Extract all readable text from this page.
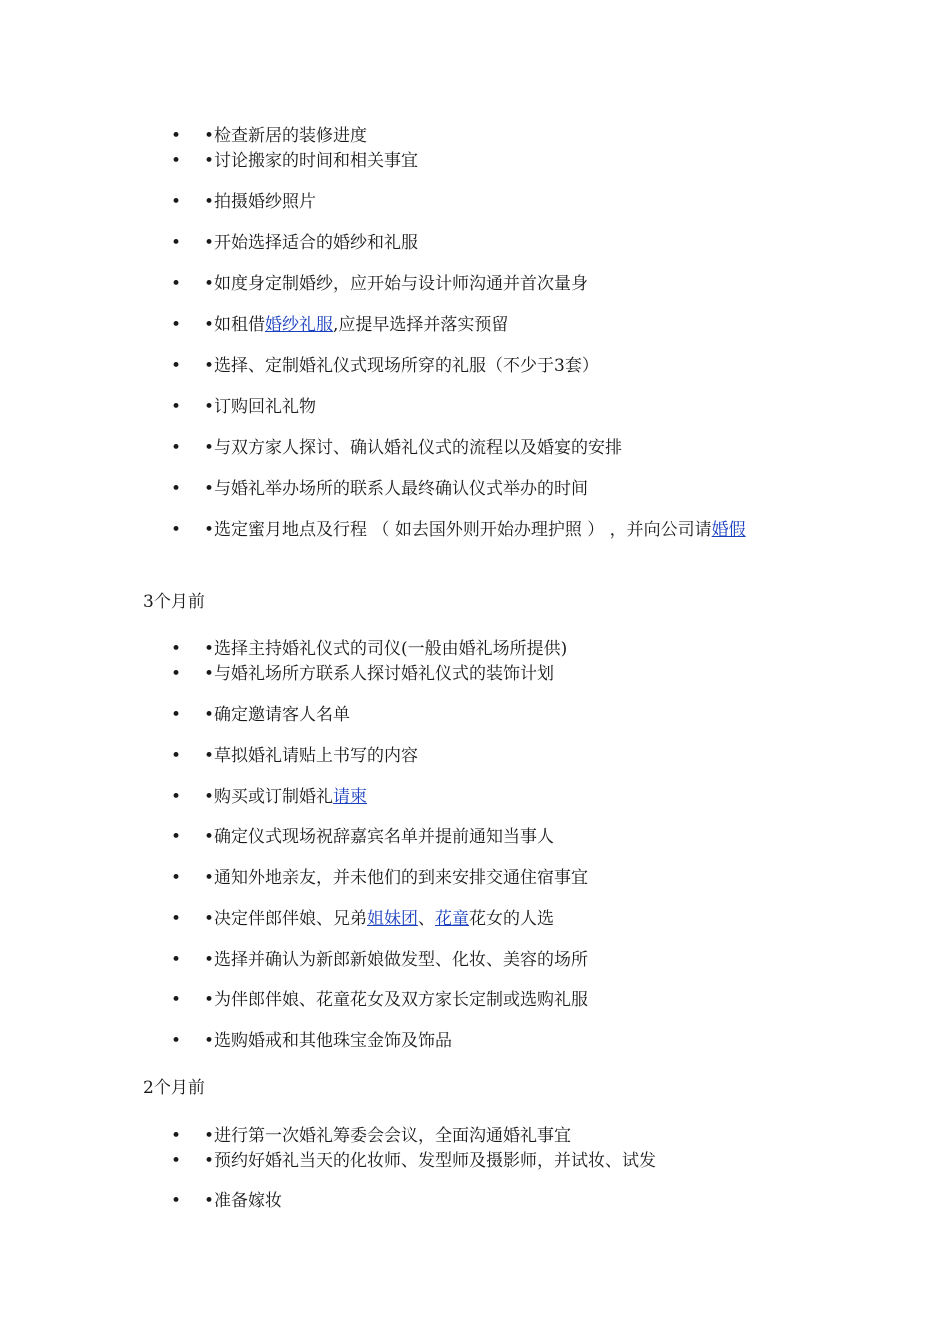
• •检查新居的装修进度
• •讨论搬家的时间和相关事宜
• •拍摄婚纱照片
• •开始选择适合的婚纱和礼服
• •如度身定制婚纱，应开始与设计师沟通并首次量身
• •如租借婚纱礼服,应提早选择并落实预留
• •选择、定制婚礼仪式现场所穿的礼服（不少于3套）
• •订购回礼礼物
• •与双方家人探讨、确认婚礼仪式的流程以及婚宴的安排
• •与婚礼举办场所的联系人最终确认仪式举办的时间
• •选定蜜月地点及行程 （ 如去国外则开始办理护照 ） ，并向公司请婚假
3个月前
• •选择主持婚礼仪式的司仪(一般由婚礼场所提供)
• •与婚礼场所方联系人探讨婚礼仪式的装饰计划
• •确定邀请客人名单
• •草拟婚礼请贴上书写的内容
• •购买或订制婚礼请柬
• •确定仪式现场祝辞嘉宾名单并提前通知当事人
• •通知外地亲友，并未他们的到来安排交通住宿事宜
• •决定伴郎伴娘、兄弟姐妹团、花童花女的人选
• •选择并确认为新郎新娘做发型、化妆、美容的场所
• •为伴郎伴娘、花童花女及双方家长定制或选购礼服
• •选购婚戒和其他珠宝金饰及饰品
2个月前
• •进行第一次婚礼筹委会会议，全面沟通婚礼事宜
• •预约好婚礼当天的化妆师、发型师及摄影师，并试妆、试发
• •准备嫁妆
